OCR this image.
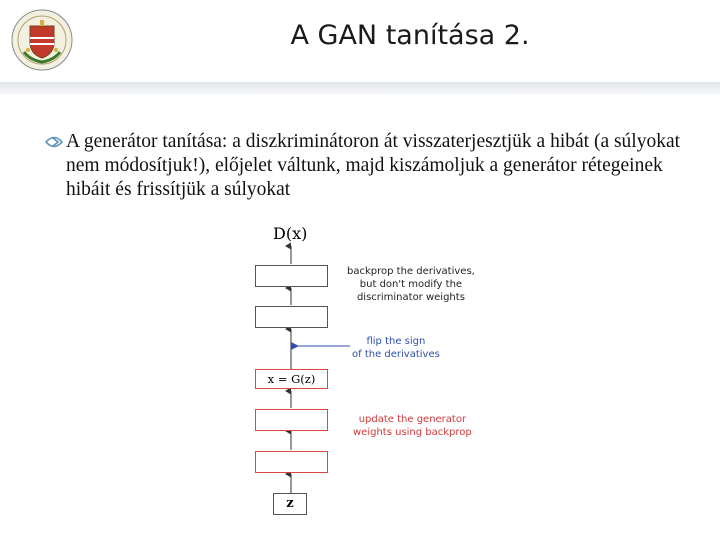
A GAN tanítása 2.
A generátor tanítása: a diszkriminátoron át visszaterjesztjük a hibát (a súlyokat nem módosítjuk!), előjelet váltunk, majd kiszámoljuk a generátor rétegeinek hibáit és frissítjük a súlyokat
D(x)
x = G(z)
z
backprop the derivatives,
but don't modify the
discriminator weights
flip the sign
of the derivatives
update the generator
weights using backprop
